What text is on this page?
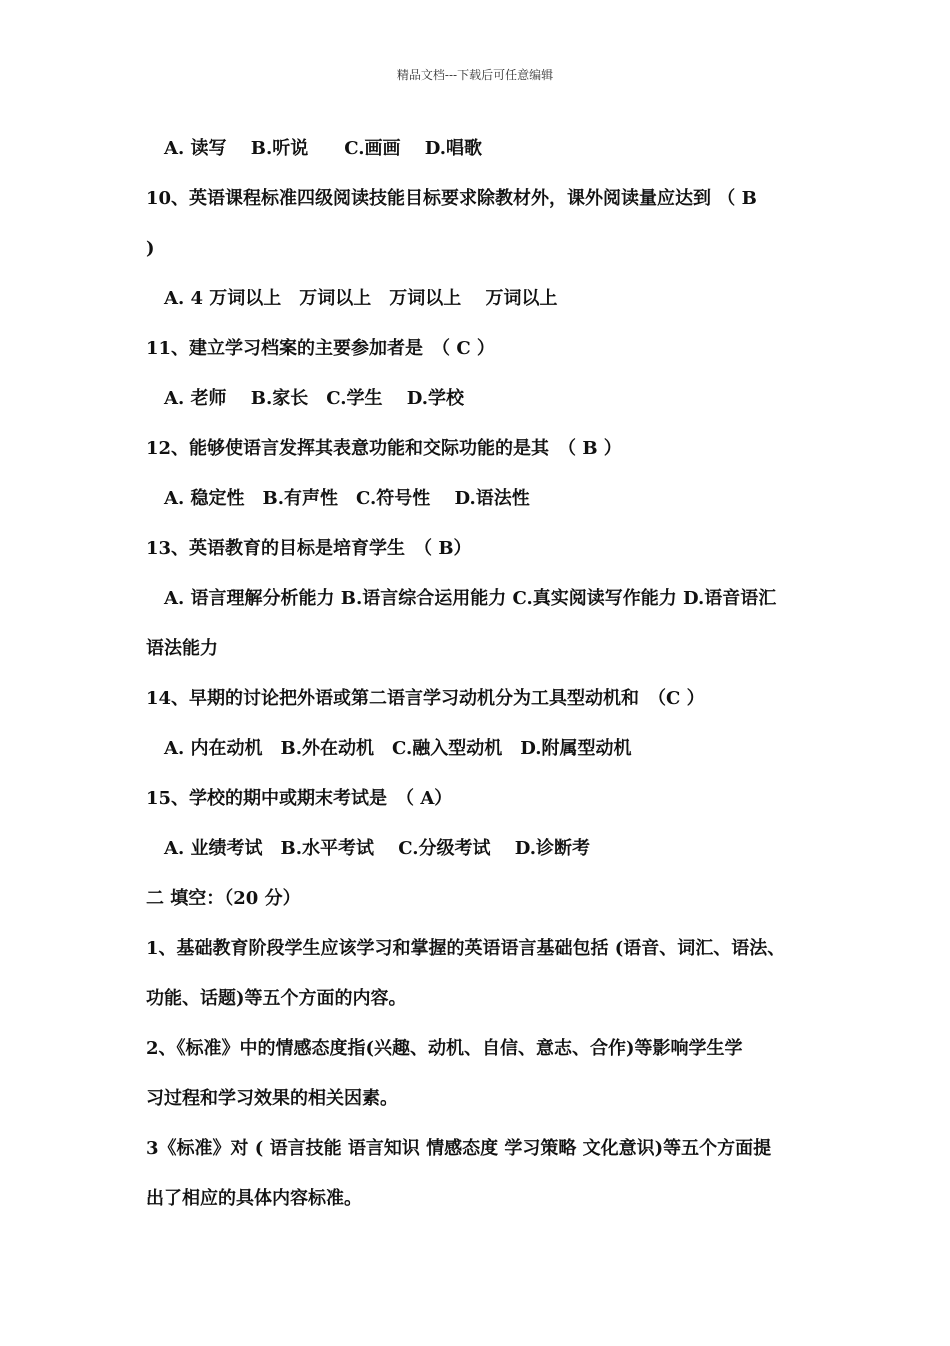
精品文档---下载后可任意编辑
A. 读写　 B.听说　　C.画画　 D.唱歌
10、英语课程标准四级阅读技能目标要求除教材外，课外阅读量应达到 （ B
)
A. 4 万词以上　万词以上　万词以上　 万词以上
11、建立学习档案的主要参加者是　（ C ）
A. 老师　 B.家长　C.学生　 D.学校
12、能够使语言发挥其表意功能和交际功能的是其　（ B ）
A. 稳定性　B.有声性　C.符号性　 D.语法性
13、英语教育的目标是培育学生　（ B）
A. 语言理解分析能力 B.语言综合运用能力 C.真实阅读写作能力 D.语音语汇
语法能力
14、早期的讨论把外语或第二语言学习动机分为工具型动机和　（C ）
A. 内在动机　B.外在动机　C.融入型动机　D.附属型动机
15、学校的期中或期末考试是　（ A）
A. 业绩考试　B.水平考试　 C.分级考试　 D.诊断考
二 填空：（20 分）
1、基础教育阶段学生应该学习和掌握的英语语言基础包括 (语音、词汇、语法、
功能、话题)等五个方面的内容。
2、《标准》中的情感态度指(兴趣、动机、自信、意志、合作)等影响学生学
习过程和学习效果的相关因素。
3《标准》对 ( 语言技能 语言知识 情感态度 学习策略 文化意识)等五个方面提
出了相应的具体内容标准。
